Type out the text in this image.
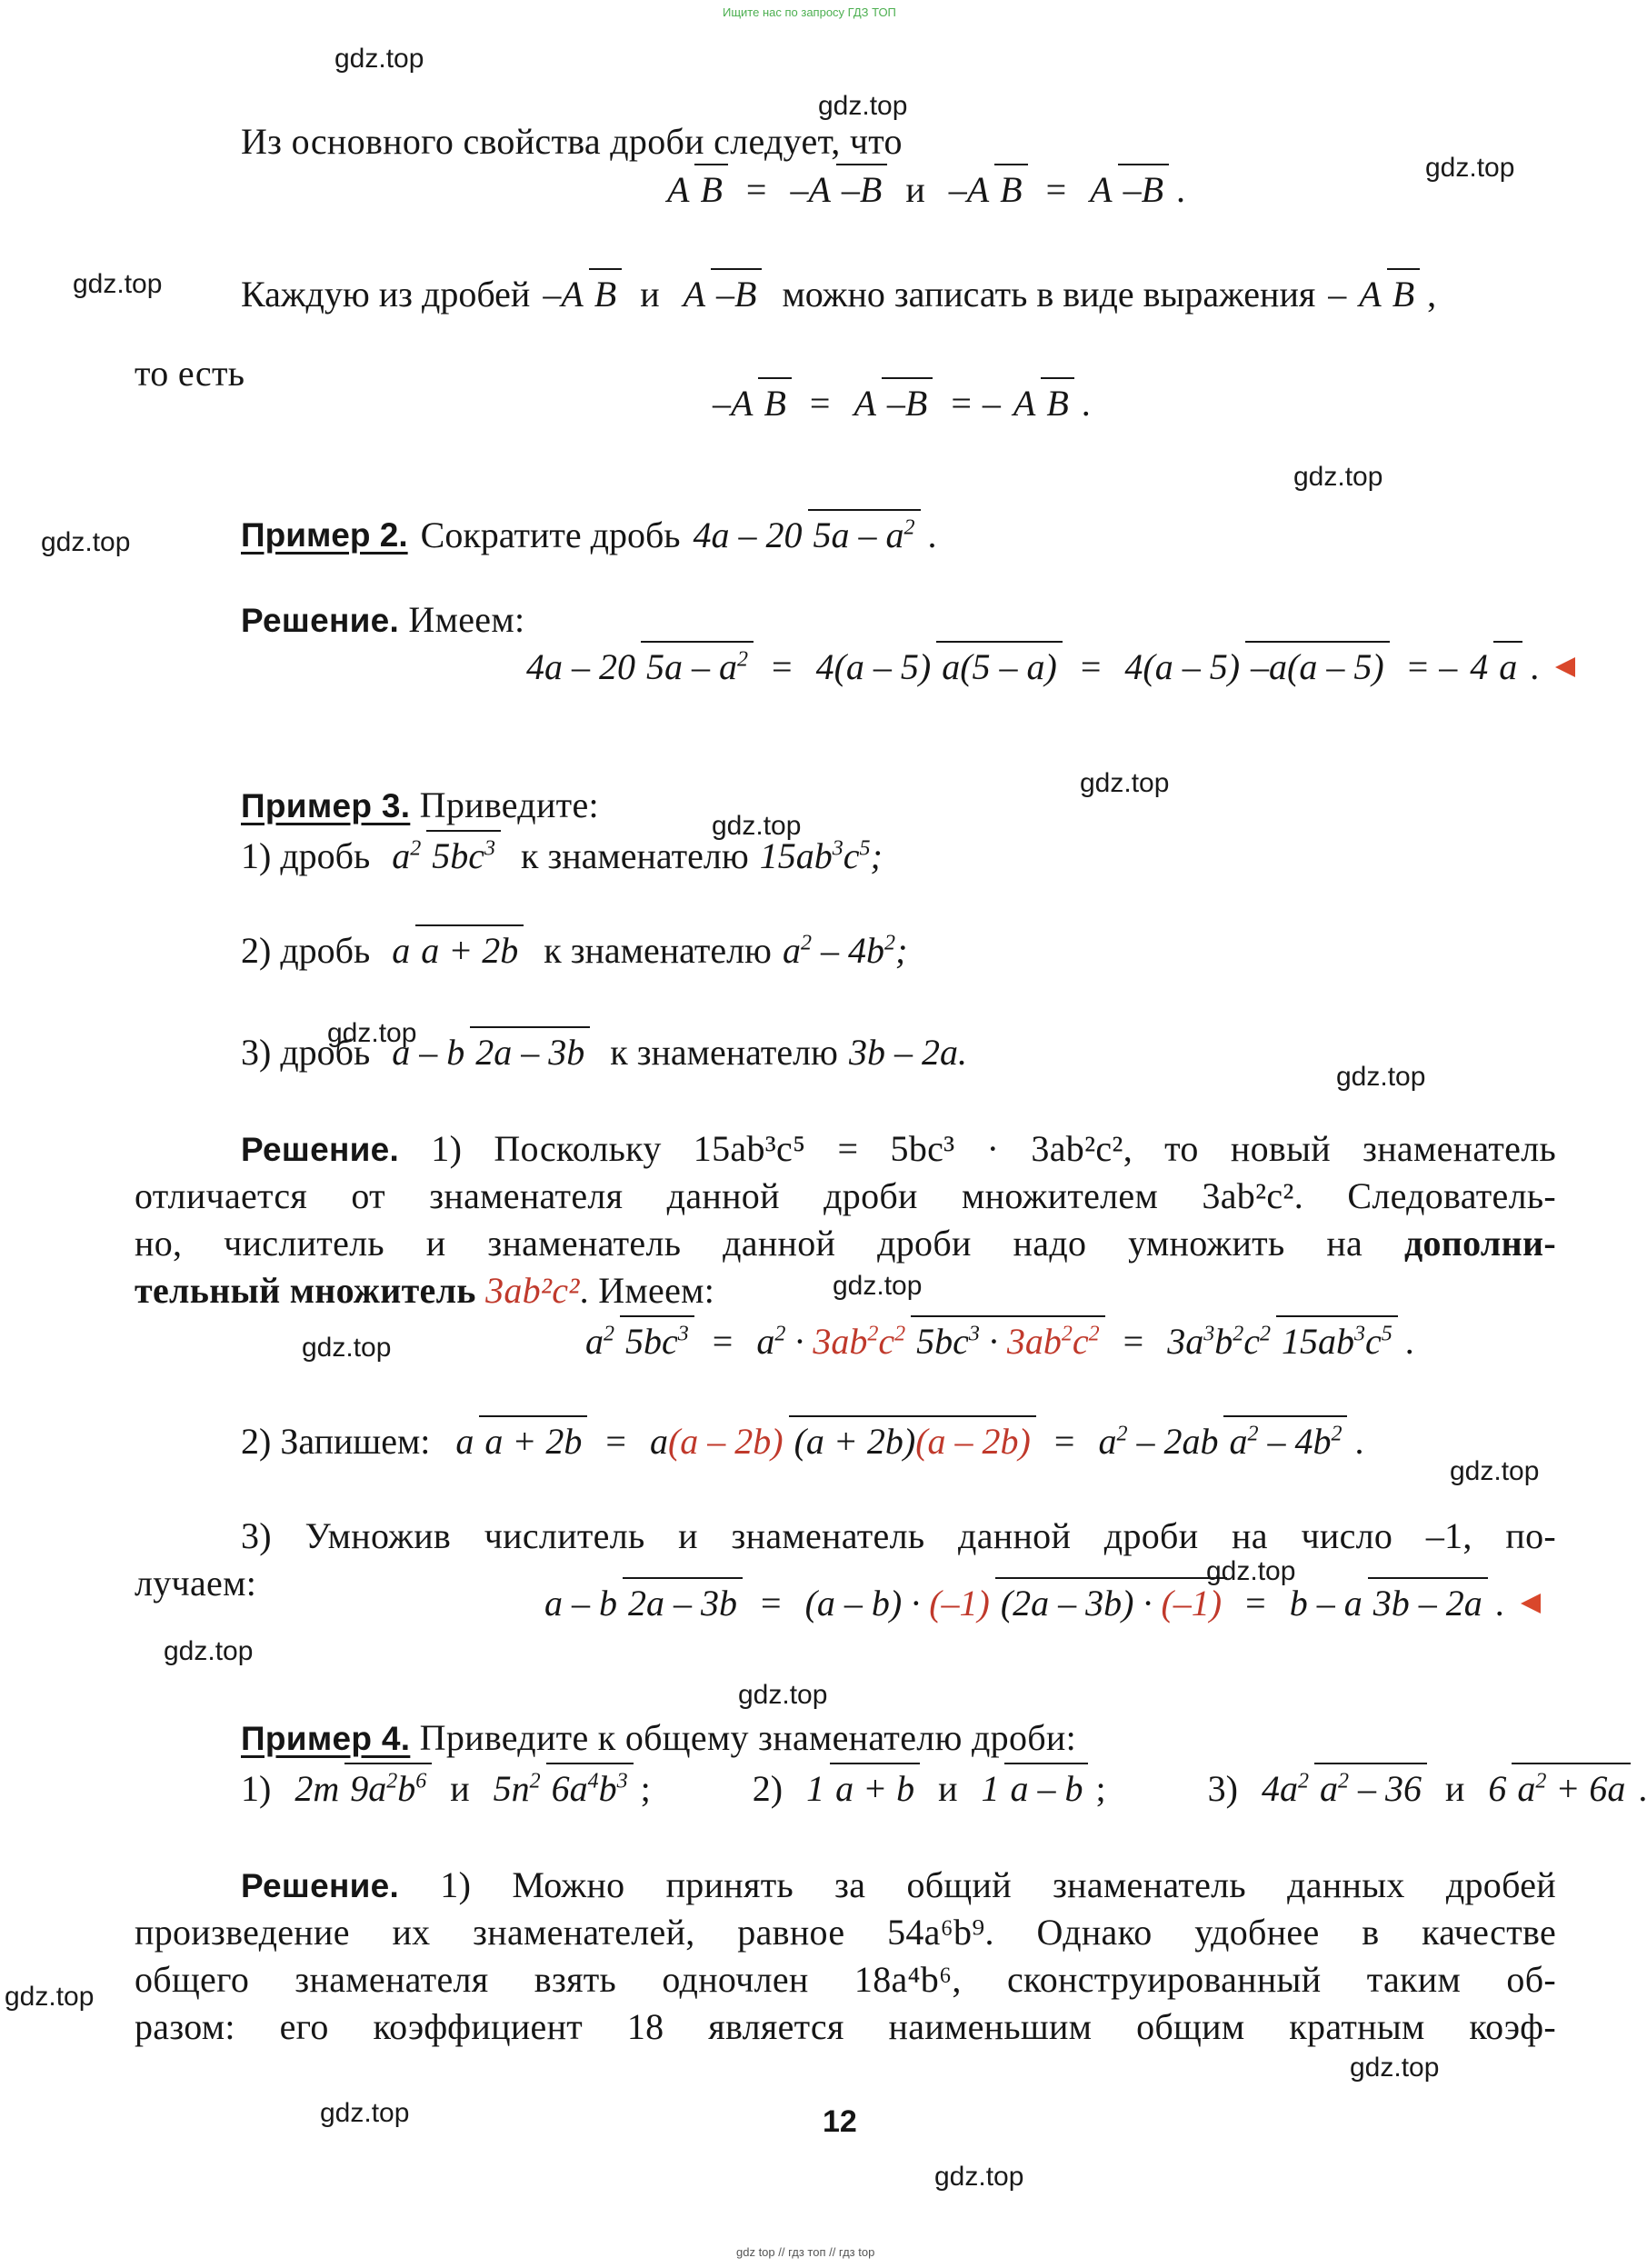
Ищите нас по запросу ГДЗ ТОП
gdz top // гдз топ // гдз top
gdz.top
gdz.top
gdz.top
gdz.top
gdz.top
gdz.top
gdz.top
gdz.top
gdz.top
gdz.top
gdz.top
gdz.top
gdz.top
gdz.top
gdz.top
gdz.top
gdz.top
gdz.top
gdz.top
gdz.top
Из основного свойства дроби следует, что
A B = –A –B и –A B = A –B .
Каждую из дробей –A B и A –B можно записать в виде выражения – A B ,
то есть
–A B = A –B = – A B .
Пример 2. Сократите дробь 4a – 20 $5a - a^2$ .
Решение. Имеем:
4a – 20 $5a - a^2 = 4(a - 5)$ a(5 – a) = 4(a – 5) –a(a – 5) = – 4 a .
Пример 3. Приведите:
1) дробь $a^2$ $5bc^3$ к знаменателю $15ab^3c^5$;
2) дробь a a + 2b к знаменателю $a^2 - 4b^2$;
3) дробь a – b 2a – 3b к знаменателю 3b – 2a.
Решение. 1) Поскольку 15ab³c⁵ = 5bc³ · 3ab²c², то новый знаменатель
отличается от знаменателя данной дроби множителем 3ab²c². Следователь-
но, числитель и знаменатель данной дроби надо умножить на дополни-
тельный множитель 3ab²c². Имеем:
$a^2$ $5bc^3 = a^2 \cdot 3ab^2c^2$ $5bc^3 \cdot 3ab^2c^2 = 3a^3b^2c^2$ $15ab^3c^5$ .
2) Запишем: a a + 2b = a(a – 2b) $(a + 2b)(a - 2b) = a^2 - 2ab$ $a^2 - 4b^2$ .
3) Умножив числитель и знаменатель данной дроби на число –1, по-
лучаем:	a – b 2a – 3b = (a – b) · (–1) (2a – 3b) · (–1) = b – a 3b – 2a .
Пример 4. Приведите к общему знаменателю дроби:
1) 2m $9a^2b^6$ и $5n^2$ $6a^4b^3$ ;	2) 1 a + b и 1 a – b ;	3) $4a^2$ $a^2 - 36$ и 6 $a^2 + 6a$ .
Решение. 1) Можно принять за общий знаменатель данных дробей
произведение их знаменателей, равное 54a⁶b⁹. Однако удобнее в качестве
общего знаменателя взять одночлен 18a⁴b⁶, сконструированный таким об-
разом: его коэффициент 18 является наименьшим общим кратным коэф-
12
